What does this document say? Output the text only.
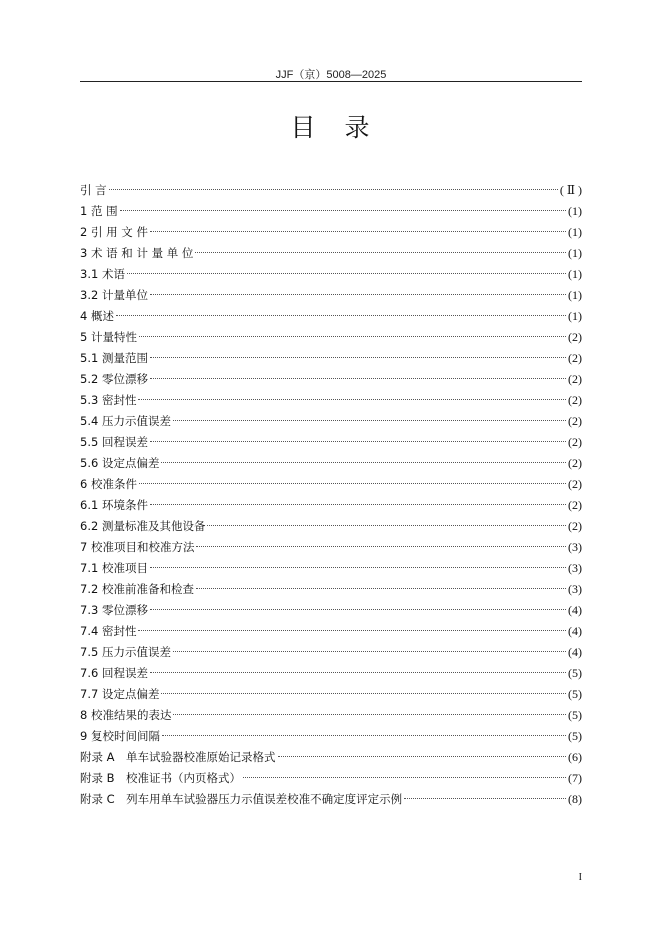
JJF（京）5008—2025
目　录
引 言	( Ⅱ )
1 范 围	(1)
2 引 用 文 件	(1)
3 术 语 和 计 量 单 位	(1)
3.1 术语	(1)
3.2 计量单位	(1)
4 概述	(1)
5 计量特性	(2)
5.1 测量范围	(2)
5.2 零位漂移	(2)
5.3 密封性	(2)
5.4 压力示值误差	(2)
5.5 回程误差	(2)
5.6 设定点偏差	(2)
6 校准条件	(2)
6.1 环境条件	(2)
6.2 测量标准及其他设备	(2)
7 校准项目和校准方法	(3)
7.1 校准项目	(3)
7.2 校准前准备和检查	(3)
7.3 零位漂移	(4)
7.4 密封性	(4)
7.5 压力示值误差	(4)
7.6 回程误差	(5)
7.7 设定点偏差	(5)
8 校准结果的表达	(5)
9 复校时间间隔	(5)
附录 A　单车试验器校准原始记录格式	(6)
附录 B　校准证书（内页格式）	(7)
附录 C　列车用单车试验器压力示值误差校准不确定度评定示例	(8)
I
